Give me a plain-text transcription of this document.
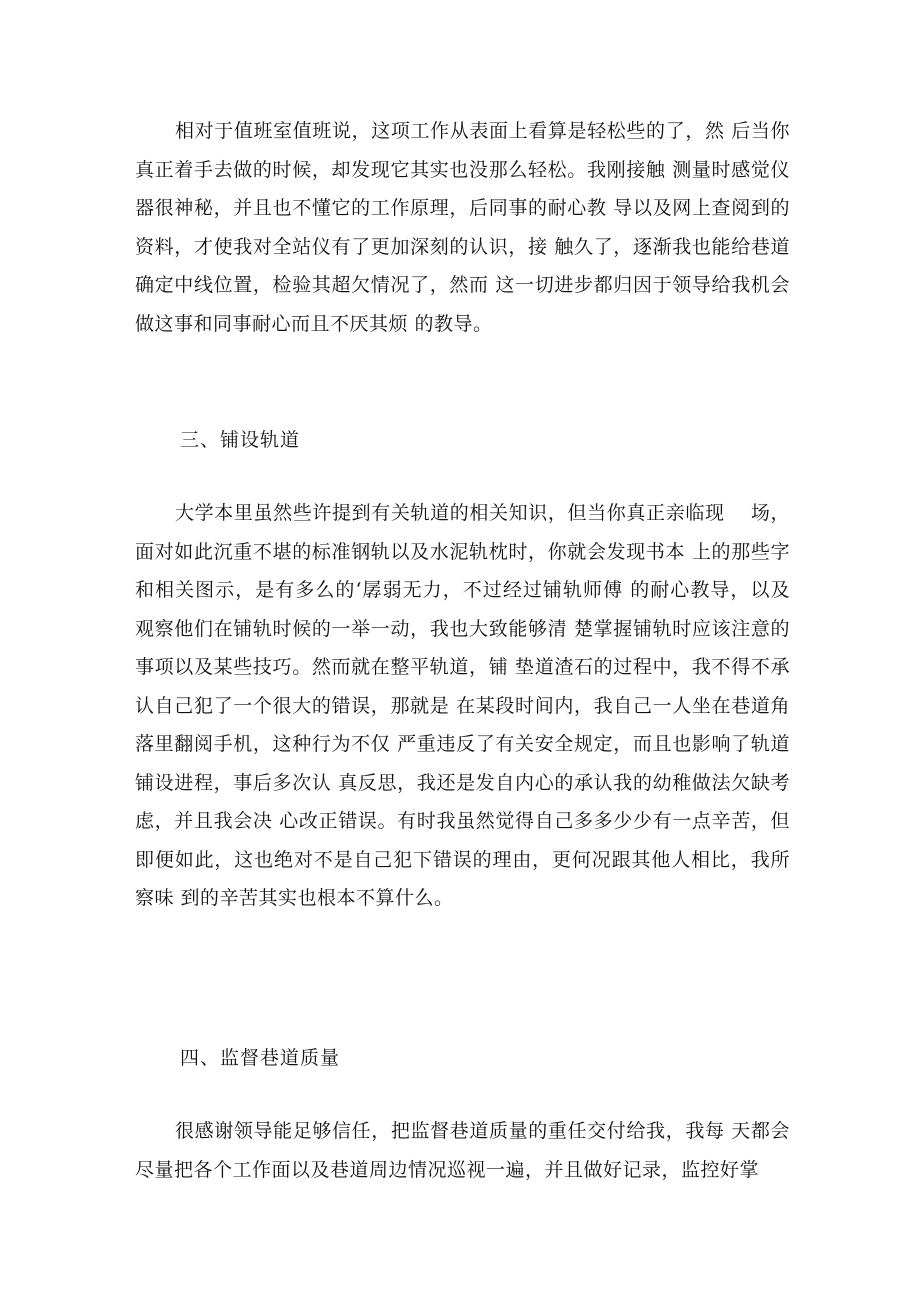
相对于值班室值班说，这项工作从表面上看算是轻松些的了，然 后当你真正着手去做的时候，却发现它其实也没那么轻松。我刚接触 测量时感觉仪器很神秘，并且也不懂它的工作原理，后同事的耐心教 导以及网上查阅到的资料，才使我对全站仪有了更加深刻的认识，接 触久了，逐渐我也能给巷道确定中线位置，检验其超欠情况了，然而 这一切进步都归因于领导给我机会做这事和同事耐心而且不厌其烦 的教导。

三、铺设轨道

大学本里虽然些许提到有关轨道的相关知识，但当你真正亲临现　 场，面对如此沉重不堪的标准钢轨以及水泥轨枕时，你就会发现书本 上的那些字和相关图示，是有多么的‘孱弱无力，不过经过铺轨师傅 的耐心教导，以及观察他们在铺轨时候的一举一动，我也大致能够清 楚掌握铺轨时应该注意的事项以及某些技巧。然而就在整平轨道，铺 垫道渣石的过程中，我不得不承认自己犯了一个很大的错误，那就是 在某段时间内，我自己一人坐在巷道角落里翻阅手机，这种行为不仅 严重违反了有关安全规定，而且也影响了轨道铺设进程，事后多次认 真反思，我还是发自内心的承认我的幼稚做法欠缺考虑，并且我会决 心改正错误。有时我虽然觉得自己多多少少有一点辛苦，但即便如此，这也绝对不是自己犯下错误的理由，更何况跟其他人相比，我所察味 到的辛苦其实也根本不算什么。

四、监督巷道质量

很感谢领导能足够信任，把监督巷道质量的重任交付给我，我每 天都会尽量把各个工作面以及巷道周边情况巡视一遍，并且做好记录，监控好掌
